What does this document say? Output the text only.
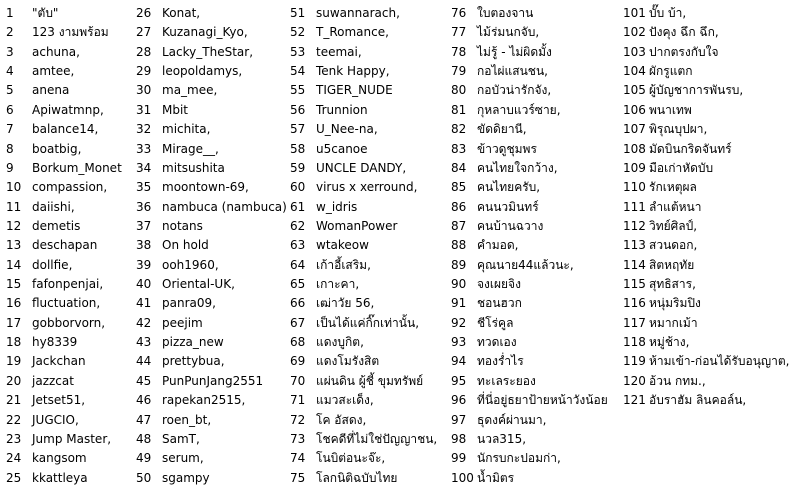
1	"ตับ"
2	123 งามพร้อม
3	achuna,
4	amtee,
5	anena
6	Apiwatmnp,
7	balance14,
8	boatbig,
9	Borkum_Monet
10 compassion,
11 daiishi,
12 demetis
13 deschapan
14 dollfie,
15 fafonpenjai,
16 fluctuation,
17 gobborvorn,
18 hy8339
19 Jackchan
20 jazzcat
21 Jetset51,
22 JUGCIO,
23 Jump Master,
24 kangsom
25 kkattleya
26 Konat,
27 Kuzanagi_Kyo,
28 Lacky_TheStar,
29 leopoldamys,
30 ma_mee,
31 Mbit
32 michita,
33 Mirage__,
34 mitsushita
35 moontown-69,
36 nambuca (nambuca)
37 notans
38 On hold
39 ooh1960,
40 Oriental-UK,
41 panra09,
42 peejim
43 pizza_new
44 prettybua,
45 PunPunJang2551
46 rapekan2515,
47 roen_bt,
48 SamT,
49 serum,
50 sgampy
51 suwannarach,
52 T_Romance,
53 teemai,
54 Tenk Happy,
55 TIGER_NUDE
56 Trunnion
57 U_Nee-na,
58 u5canoe
59 UNCLE DANDY,
60 virus x xerround,
61 w_idris
62 WomanPower
63 wtakeow
64 เก้าอี้เสริม,
65 เกาะคา,
66 เฒ่าวัย 56,
67 เป็นได้แค่กิ๊กเท่านั้น,
68 แดงบูกิต,
69 แดงโมรังสิต
70 แผ่นดิน ผู้ชี้ ขุมทรัพย์
71 แมวสะเด็ง,
72 โค อัสดง,
73 โชคดีที่ไม่ใช่ปัญญาชน,
74 โนบิต่อนะจ๊ะ,
75 โลกนิติฉบับไทย
76 ใบตองจาน
77 ไม้ร่มนกจับ,
78 ไม่รู้ - ไม่ผิดมั้ง
79 กอไผ่แสนชน,
80 กอบัวน่ารักจัง,
81 กุหลาบแวร์ซาย,
82 ขัดดิยานี,
83 ข้าวดูชุมพร
84 คนไทยใจกว้าง,
85 คนไทยครับ,
86 คนนวมินทร์
87 คนบ้านฉวาง
88 คำมอด,
89 คุณนาย44แล้วนะ,
90 จงเผยจิง
91 ชอนฮวก
92 ชีโร่คูล
93 ทวดเอง
94 ทองร่ำไร
95 ทะเลระยอง
96 ที่นี่อยู่ธยาป้ายหน้าวังน้อย
97 ธุดงค์ผ่านมา,
98 นวล315,
99 นักรบกะปอมก่า,
100 น้ำมิตร
101 บั๊บ บ้า,
102 ปังคุง ฉึก ฉึก,
103 ปากตรงกับใจ
104 ผักรูแตก
105 ผู้บัญชาการพันรบ,
106 พนาเทพ
107 พิรุณบุปผา,
108 มัดบินกริดจันทร์
109 มือเก่าหัดบับ
110 รักเหตุผล
111 ลำแต้หนา
112 วิทย์ศิลป์,
113 สวนดอก,
114 สิตหฤทัย
115 สุทธิสาร,
116 หนุ่มริมปิง
117 หมากเม้า
118 หมู่ช้าง,
119 ห้ามเข้า-ก่อนได้รับอนุญาต,
120 อ้วน กทม.,
121 อับราฮัม ลินคอล์น,
